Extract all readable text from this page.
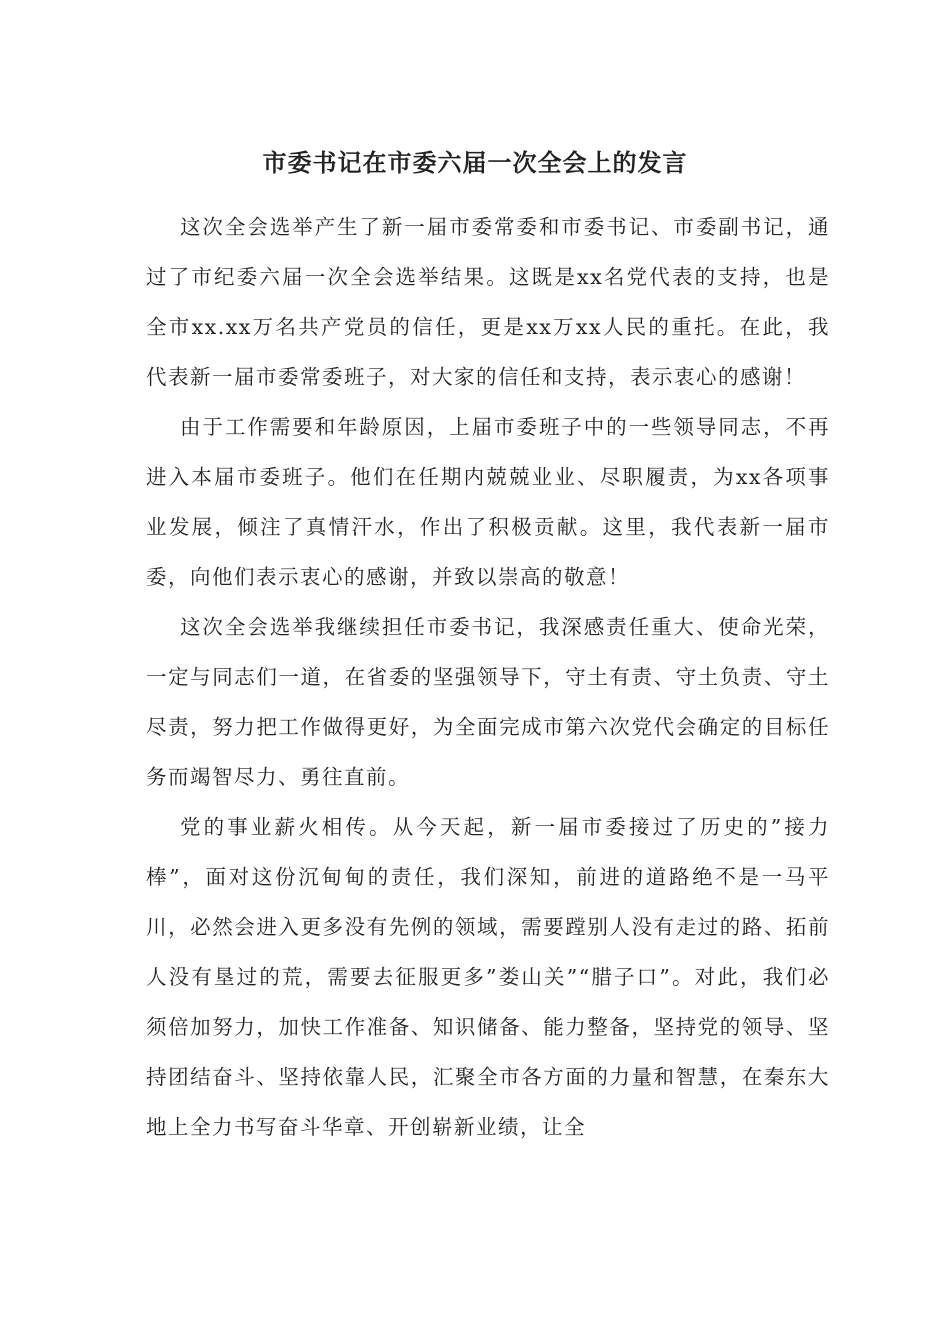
市委书记在市委六届一次全会上的发言

这次全会选举产生了新一届市委常委和市委书记、市委副书记，通过了市纪委六届一次全会选举结果。这既是xx名党代表的支持，也是全市xx.xx万名共产党员的信任，更是xx万xx人民的重托。在此，我代表新一届市委常委班子，对大家的信任和支持，表示衷心的感谢！

由于工作需要和年龄原因，上届市委班子中的一些领导同志，不再进入本届市委班子。他们在任期内兢兢业业、尽职履责，为xx各项事业发展，倾注了真情汗水，作出了积极贡献。这里，我代表新一届市委，向他们表示衷心的感谢，并致以崇高的敬意！

这次全会选举我继续担任市委书记，我深感责任重大、使命光荣，一定与同志们一道，在省委的坚强领导下，守土有责、守土负责、守土尽责，努力把工作做得更好，为全面完成市第六次党代会确定的目标任务而竭智尽力、勇往直前。

党的事业薪火相传。从今天起，新一届市委接过了历史的”接力棒”，面对这份沉甸甸的责任，我们深知，前进的道路绝不是一马平川，必然会进入更多没有先例的领域，需要蹚别人没有走过的路、拓前人没有垦过的荒，需要去征服更多”娄山关”“腊子口”。对此，我们必须倍加努力，加快工作准备、知识储备、能力整备，坚持党的领导、坚持团结奋斗、坚持依靠人民，汇聚全市各方面的力量和智慧，在秦东大地上全力书写奋斗华章、开创崭新业绩，让全
